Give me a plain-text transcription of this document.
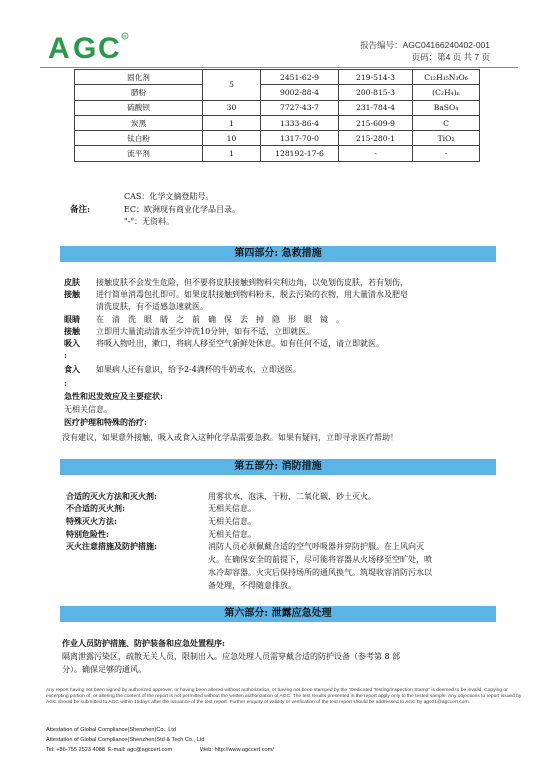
A G C R
报告编号：AGC04166240402-001
页码：第4 页 共 7 页
固化剂	5	2451-62-9	219-514-3	C₁₂H₁₅N₃O₆
腊粉		9002-88-4	200-815-3	(C₂H₄)ₙ
硫酸钡	30	7727-43-7	231-784-4	BaSO₄
炭黑	1	1333-86-4	215-609-9	C
钛白粉	10	1317-70-0	215-280-1	TiO₂
流平剂	1	128192-17-6	-	-
备注:
CAS：化学文摘登陆号。
EC：欧洲现有商业化学品目录。
"-"：无资料。
第四部分: 急救措施
皮肤 接触皮肤不会发生危险，但不要将皮肤接触到物料尖利边角，以免划伤皮肤，若有划伤，
接触 进行简单消毒包扎即可。如果皮肤接触到物料粉末，脱去污染的衣物，用大量清水及肥皂
清洗皮肤，有不适感急速就医。
眼睛 在　清　洗　眼　睛　之　前　确　保　去　掉　隐　形　眼　镜　。
接触 立即用大量流动清水至少冲洗10分钟，如有不适，立即就医。
吸入 将吸入物吐出，漱口，将病人移至空气新鲜处休息。如有任何不适，请立即就医。
:
食入 如果病人还有意识，给予2-4满杯的牛奶或水，立即送医。
:
急性和迟发效应及主要症状:
无相关信息。
医疗护理和特殊的治疗:
没有建议，如果意外接触，吸入或食入这种化学品需要急救。如果有疑问，立即寻求医疗帮助！
第五部分: 消防措施
合适的灭火方法和灭火剂:	用雾状水、泡沫、干粉、二氧化碳、砂土灭火。
不合适的灭火剂:	无相关信息。
特殊灭火方法:	无相关信息。
特别危险性:	无相关信息。
灭火注意措施及防护措施:	消防人员必须佩戴合适的空气呼吸器并穿防护服。在上风向灭
火。在确保安全的前提下，尽可能将容器从火场移至空旷处，喷
水冷却容器。火灾后保持场所的通风换气。筑堤收容消防污水以
备处理，不得随意排放。
第六部分: 泄露应急处理
作业人员防护措施、防护装备和应急处置程序:
隔离泄露污染区，疏散无关人员，限制出入。应急处理人员需穿戴合适的防护设备（参考第 8 部
分）。确保足够的通风。
Any report having not been signed by authorized approver, or having been altered without authorization, or having not been stamped by the "Dedicated Testing/Inspection Stamp" is deemed to be invalid. Copying or excerpting portion of, or altering the content of the report is not permitted without the written authorization of AGC. The test results presented in the report apply only to the tested sample. Any objections to report issued by AGC should be submitted to AGC within 15days after the issuance of the test report. Further enquiry of validity or verification of the test report should be addressed to AGC by agc01@agccert.com.
Attestation of Global Compliance(Shenzhen)Co., Ltd
Attestation of Global Compliance(Shenzhen)Std & Tech Co., Ltd
Tel: +86-755 2523 4088 E-mail: agc@agccert.com	Web: http://www.agccert.com/
